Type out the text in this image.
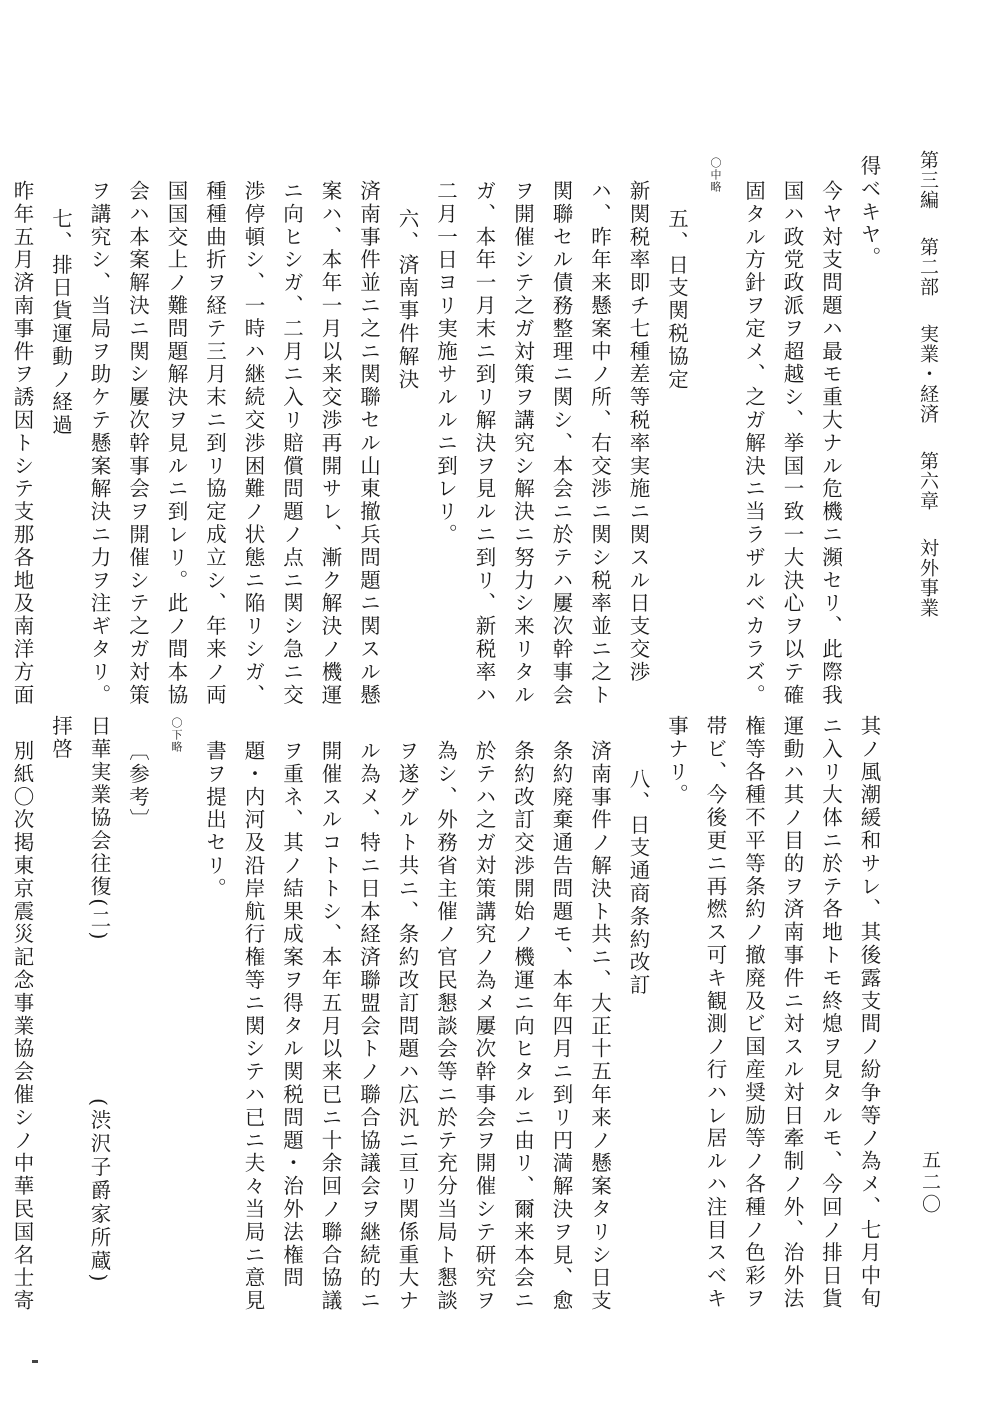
第三編 第二部 実業・経済 第六章 対外事業
五二〇

得ベキヤ。

今ヤ対支問題ハ最モ重大ナル危機ニ瀕セリ、此際我国ハ政党政派ヲ超越シ、挙国一致一大決心ヲ以テ確固タル方針ヲ定メ、之ガ解決ニ当ラザルベカラズ。

〇中略

五、日支関税協定

新関税率即チ七種差等税率実施ニ関スル日支交渉ハ、昨年来懸案中ノ所、右交渉ニ関シ税率並ニ之ト関聯セル債務整理ニ関シ、本会ニ於テハ屢次幹事会ヲ開催シテ之ガ対策ヲ講究シ解決ニ努力シ来リタルガ、本年一月末ニ到リ解決ヲ見ルニ到リ、新税率ハ二月一日ヨリ実施サルルニ到レリ。

六、済南事件解決

済南事件並ニ之ニ関聯セル山東撤兵問題ニ関スル懸案ハ、本年一月以来交渉再開サレ、漸ク解決ノ機運ニ向ヒシガ、二月ニ入リ賠償問題ノ点ニ関シ急ニ交渉停頓シ、一時ハ継続交渉困難ノ状態ニ陥リシガ、種種曲折ヲ経テ三月末ニ到リ協定成立シ、年来ノ両国国交上ノ難問題解決ヲ見ルニ到レリ。此ノ間本協会ハ本案解決ニ関シ屢次幹事会ヲ開催シテ之ガ対策ヲ講究シ、当局ヲ助ケテ懸案解決ニ力ヲ注ギタリ。

七、排日貨運動ノ経過

昨年五月済南事件ヲ誘因トシテ支那各地及南洋方面

其ノ風潮緩和サレ、其後露支間ノ紛争等ノ為メ、七月中旬ニ入リ大体ニ於テ各地トモ終熄ヲ見タルモ、今回ノ排日貨運動ハ其ノ目的ヲ済南事件ニ対スル対日牽制ノ外、治外法権等各種不平等条約ノ撤廃及ビ国産奨励等ノ各種ノ色彩ヲ帯ビ、今後更ニ再燃ス可キ観測ノ行ハレ居ルハ注目スベキ事ナリ。

八、日支通商条約改訂

済南事件ノ解決ト共ニ、大正十五年来ノ懸案タリシ日支条約廃棄通告問題モ、本年四月ニ到リ円満解決ヲ見、愈条約改訂交渉開始ノ機運ニ向ヒタルニ由リ、爾来本会ニ於テハ之ガ対策講究ノ為メ屢次幹事会ヲ開催シテ研究ヲ為シ、外務省主催ノ官民懇談会等ニ於テ充分当局ト懇談ヲ遂グルト共ニ、条約改訂問題ハ広汎ニ亘リ関係重大ナル為メ、特ニ日本経済聯盟会トノ聯合協議会ヲ継続的ニ開催スルコトトシ、本年五月以来已ニ十余回ノ聯合協議ヲ重ネ、其ノ結果成案ヲ得タル関税問題・治外法権問題・内河及沿岸航行権等ニ関シテハ已ニ夫々当局ニ意見書ヲ提出セリ。

〇下略

〔参考〕

日華実業協会往復(二)(渋沢子爵家所蔵)

拝啓

別紙〇次掲東京震災記念事業協会催シノ中華民国名士寄
